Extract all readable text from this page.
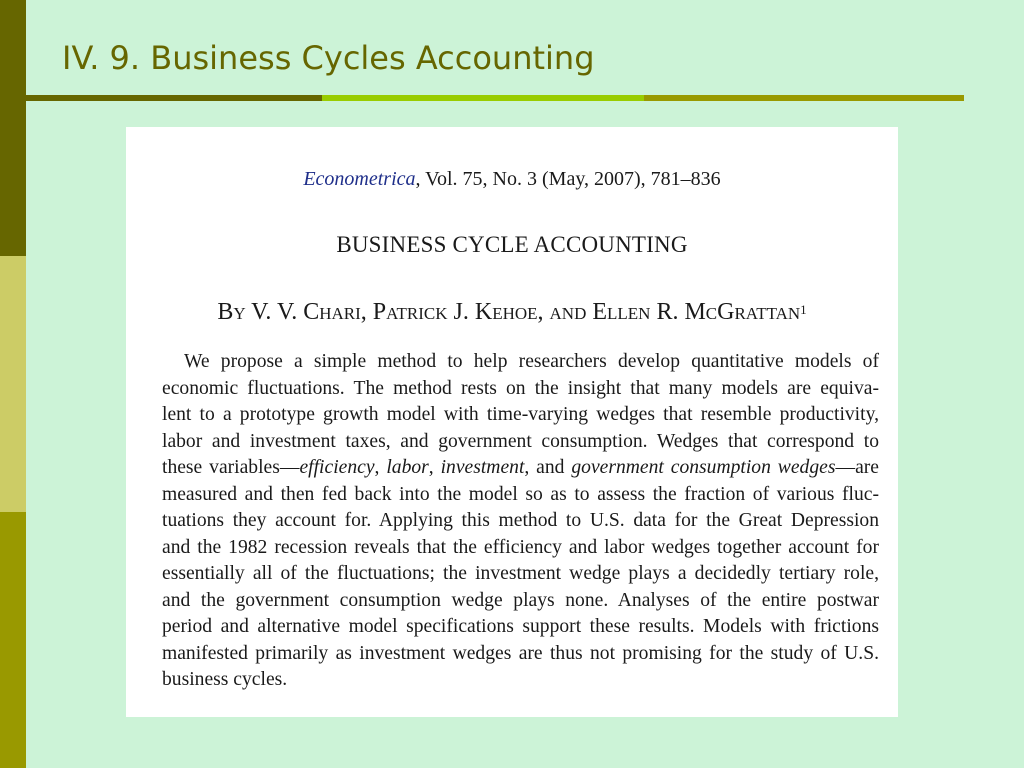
IV. 9. Business Cycles Accounting
Econometrica, Vol. 75, No. 3 (May, 2007), 781–836
BUSINESS CYCLE ACCOUNTING
By V. V. Chari, Patrick J. Kehoe, and Ellen R. McGrattan$^1$
We propose a simple method to help researchers develop quantitative models of
economic fluctuations. The method rests on the insight that many models are equiva-
lent to a prototype growth model with time-varying wedges that resemble productivity,
labor and investment taxes, and government consumption. Wedges that correspond to
these variables—efficiency, labor, investment, and government consumption wedges—are
measured and then fed back into the model so as to assess the fraction of various fluc-
tuations they account for. Applying this method to U.S. data for the Great Depression
and the 1982 recession reveals that the efficiency and labor wedges together account for
essentially all of the fluctuations; the investment wedge plays a decidedly tertiary role,
and the government consumption wedge plays none. Analyses of the entire postwar
period and alternative model specifications support these results. Models with frictions
manifested primarily as investment wedges are thus not promising for the study of U.S.
business cycles.
